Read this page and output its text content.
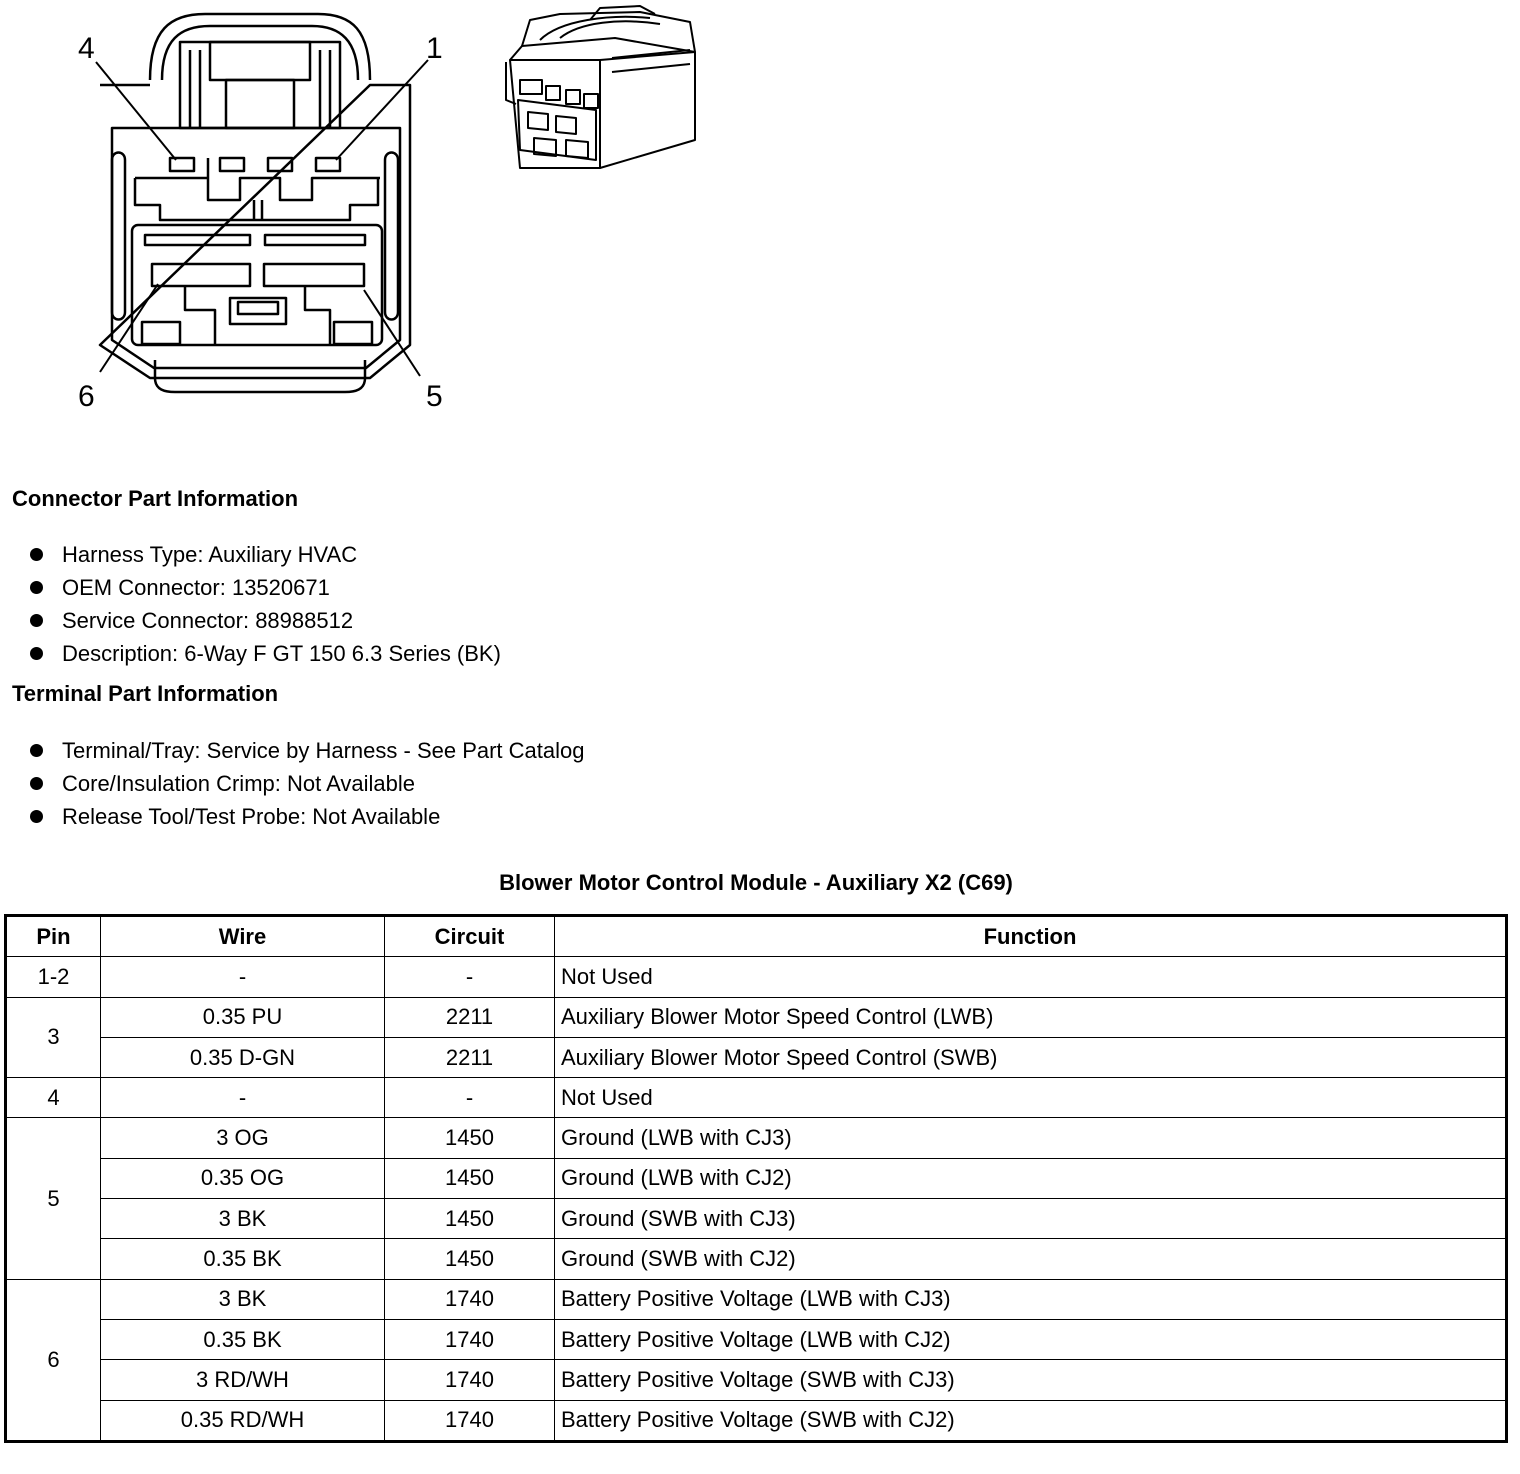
4	1
6	5
Connector Part Information
Harness Type: Auxiliary HVAC
OEM Connector: 13520671
Service Connector: 88988512
Description: 6-Way F GT 150 6.3 Series (BK)
Terminal Part Information
Terminal/Tray: Service by Harness - See Part Catalog
Core/Insulation Crimp: Not Available
Release Tool/Test Probe: Not Available
Blower Motor Control Module - Auxiliary X2 (C69)
Pin	Wire	Circuit	Function
1-2	-	-	Not Used
3	0.35 PU	2211	Auxiliary Blower Motor Speed Control (LWB)
	0.35 D-GN	2211	Auxiliary Blower Motor Speed Control (SWB)
4	-	-	Not Used
5	3 OG	1450	Ground (LWB with CJ3)
	0.35 OG	1450	Ground (LWB with CJ2)
	3 BK	1450	Ground (SWB with CJ3)
	0.35 BK	1450	Ground (SWB with CJ2)
6	3 BK	1740	Battery Positive Voltage (LWB with CJ3)
	0.35 BK	1740	Battery Positive Voltage (LWB with CJ2)
	3 RD/WH	1740	Battery Positive Voltage (SWB with CJ3)
	0.35 RD/WH	1740	Battery Positive Voltage (SWB with CJ2)
